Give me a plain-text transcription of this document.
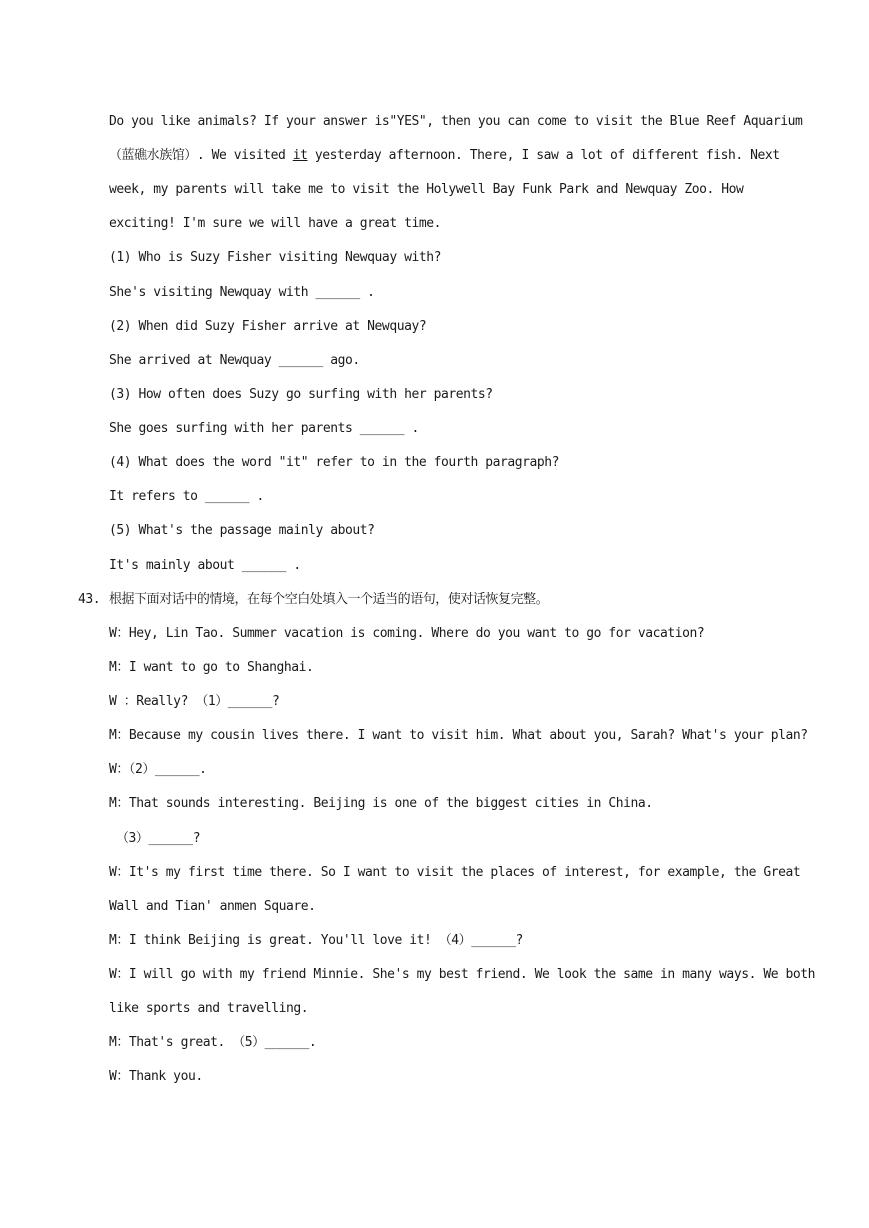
Do you like animals? If your answer is"YES", then you can come to visit the Blue Reef Aquarium
（蓝礁水族馆）. We visited it yesterday afternoon. There, I saw a lot of different fish. Next
week, my parents will take me to visit the Holywell Bay Funk Park and Newquay Zoo. How
exciting! I'm sure we will have a great time.
(1) Who is Suzy Fisher visiting Newquay with?
She's visiting Newquay with ______ .
(2) When did Suzy Fisher arrive at Newquay?
She arrived at Newquay ______ ago.
(3) How often does Suzy go surfing with her parents?
She goes surfing with her parents ______ .
(4) What does the word "it" refer to in the fourth paragraph?
It refers to ______ .
(5) What's the passage mainly about?
It's mainly about ______ .
43. 根据下面对话中的情境，在每个空白处填入一个适当的语句，使对话恢复完整。
W：Hey, Lin Tao. Summer vacation is coming. Where do you want to go for vacation?
M：I want to go to Shanghai.
W ：Really? （1）______?
M：Because my cousin lives there. I want to visit him. What about you, Sarah? What's your plan?
W：（2）______.
M：That sounds interesting. Beijing is one of the biggest cities in China.
（3）______?
W：It's my first time there. So I want to visit the places of interest, for example, the Great
Wall and Tian' anmen Square.
M：I think Beijing is great. You'll love it! （4）______?
W：I will go with my friend Minnie. She's my best friend. We look the same in many ways. We both
like sports and travelling.
M：That's great. （5）______.
W：Thank you.
